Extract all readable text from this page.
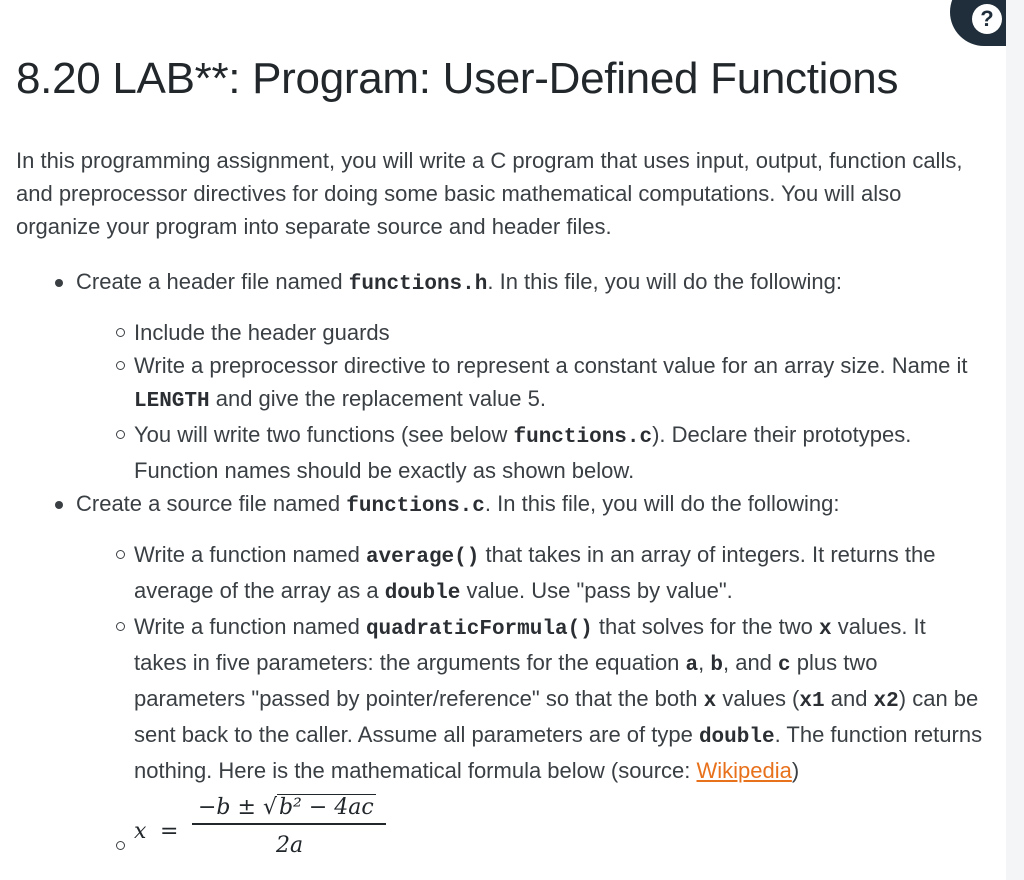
?
8.20 LAB**: Program: User-Defined Functions

In this programming assignment, you will write a C program that uses input, output, function calls, and preprocessor directives for doing some basic mathematical computations. You will also organize your program into separate source and header files.

Create a header file named functions.h. In this file, you will do the following:
Include the header guards
Write a preprocessor directive to represent a constant value for an array size. Name it LENGTH and give the replacement value 5.
You will write two functions (see below functions.c). Declare their prototypes. Function names should be exactly as shown below.
Create a source file named functions.c. In this file, you will do the following:
Write a function named average() that takes in an array of integers. It returns the average of the array as a double value. Use "pass by value".
Write a function named quadraticFormula() that solves for the two x values. It takes in five parameters: the arguments for the equation a, b, and c plus two parameters "passed by pointer/reference" so that the both x values (x1 and x2) can be sent back to the caller. Assume all parameters are of type double. The function returns nothing. Here is the mathematical formula below (source: Wikipedia)
x =
−b ± √b² − 4ac
2a
